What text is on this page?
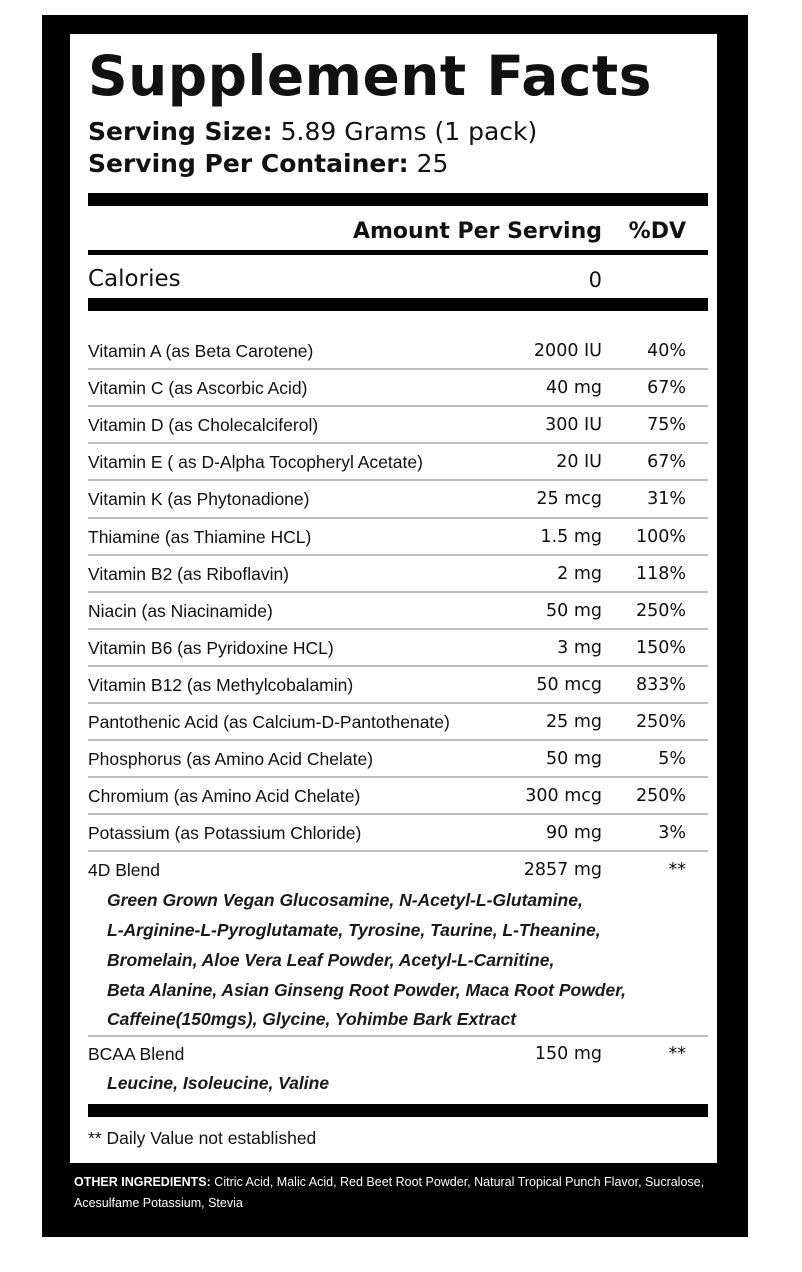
Supplement Facts
Serving Size: 5.89 Grams (1 pack)
Serving Per Container: 25
Amount Per Serving %DV
Calories	0
Vitamin A (as Beta Carotene)	2000 IU	40%
Vitamin C (as Ascorbic Acid)	40 mg	67%
Vitamin D (as Cholecalciferol)	300 IU	75%
Vitamin E ( as D-Alpha Tocopheryl Acetate)	20 IU	67%
Vitamin K (as Phytonadione)	25 mcg	31%
Thiamine (as Thiamine HCL)	1.5 mg 100%
Vitamin B2 (as Riboflavin)	2 mg 118%
Niacin (as Niacinamide)	50 mg 250%
Vitamin B6 (as Pyridoxine HCL)	3 mg 150%
Vitamin B12 (as Methylcobalamin)	50 mcg 833%
Pantothenic Acid (as Calcium-D-Pantothenate)	25 mg 250%
Phosphorus (as Amino Acid Chelate)	50 mg	5%
Chromium (as Amino Acid Chelate)	300 mcg 250%
Potassium (as Potassium Chloride)	90 mg	3%
4D Blend	2857 mg	**
Green Grown Vegan Glucosamine, N-Acetyl-L-Glutamine,
L-Arginine-L-Pyroglutamate, Tyrosine, Taurine, L-Theanine,
Bromelain, Aloe Vera Leaf Powder, Acetyl-L-Carnitine,
Beta Alanine, Asian Ginseng Root Powder, Maca Root Powder,
Caffeine(150mgs), Glycine, Yohimbe Bark Extract
BCAA Blend	150 mg	**
Leucine, Isoleucine, Valine
** Daily Value not established
OTHER INGREDIENTS: Citric Acid, Malic Acid, Red Beet Root Powder, Natural Tropical Punch Flavor, Sucralose, Acesulfame Potassium, Stevia
